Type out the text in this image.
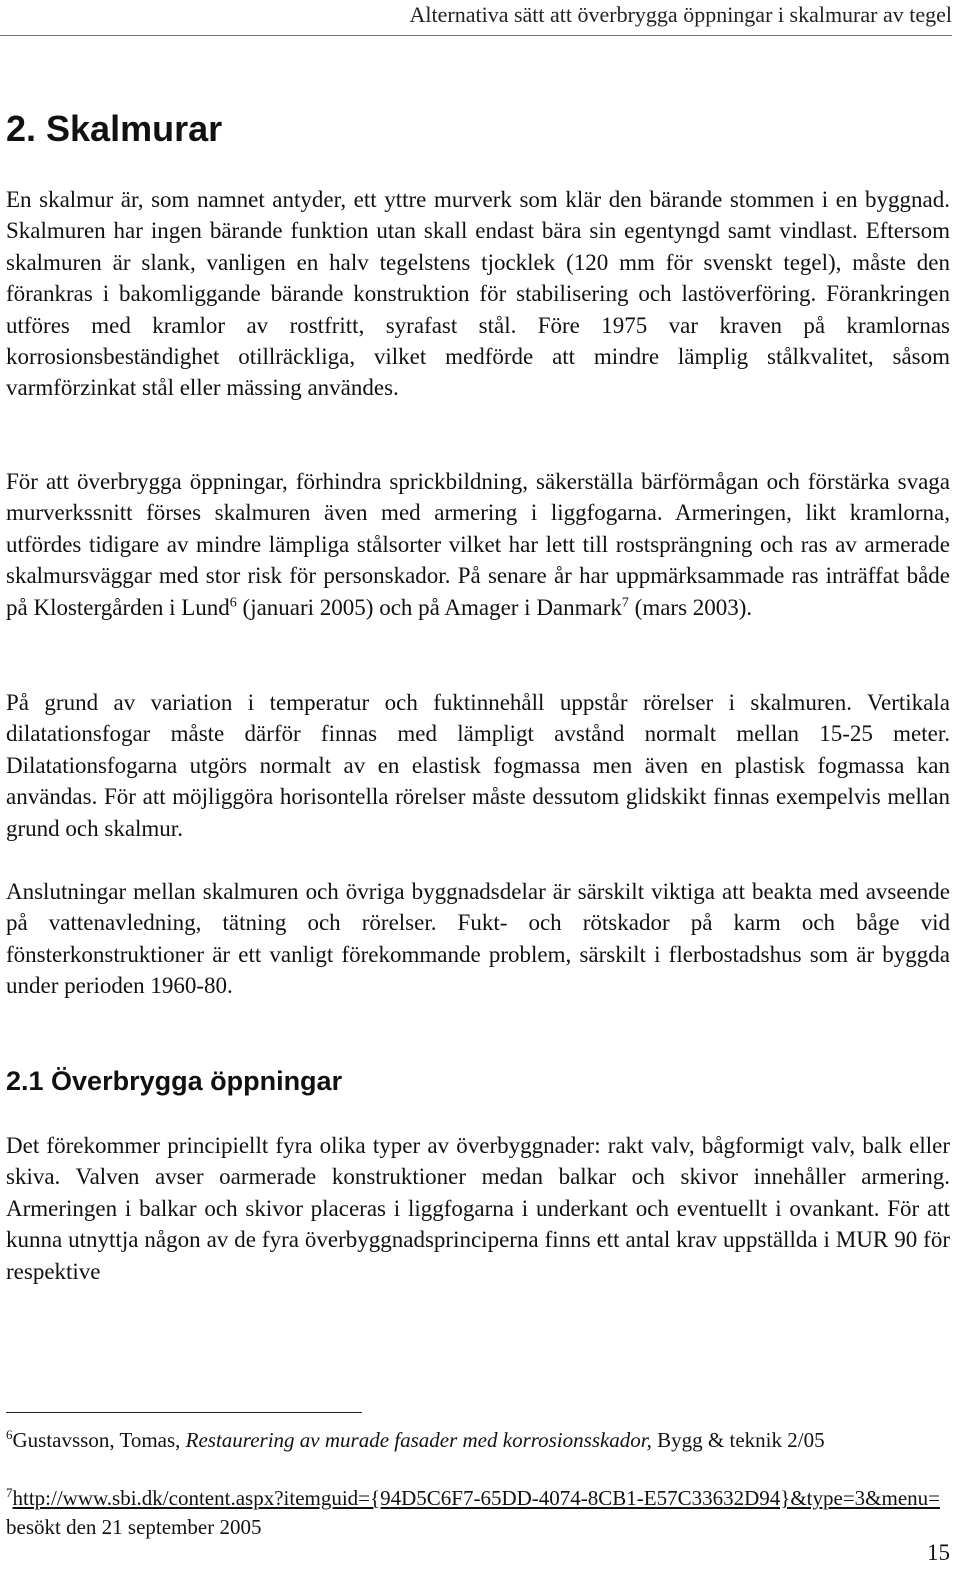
Alternativa sätt att överbrygga öppningar i skalmurar av tegel
2. Skalmurar

En skalmur är, som namnet antyder, ett yttre murverk som klär den bärande stommen i en byggnad. Skalmuren har ingen bärande funktion utan skall endast bära sin egentyngd samt vindlast. Eftersom skalmuren är slank, vanligen en halv tegelstens tjocklek (120 mm för svenskt tegel), måste den förankras i bakomliggande bärande konstruktion för stabilisering och lastöverföring. Förankringen utföres med kramlor av rostfritt, syrafast stål. Före 1975 var kraven på kramlornas korrosionsbeständighet otillräckliga, vilket medförde att mindre lämplig stålkvalitet, såsom varmförzinkat stål eller mässing användes.

För att överbrygga öppningar, förhindra sprickbildning, säkerställa bärförmågan och förstärka svaga murverkssnitt förses skalmuren även med armering i liggfogarna. Armeringen, likt kramlorna, utfördes tidigare av mindre lämpliga stålsorter vilket har lett till rostsprängning och ras av armerade skalmursväggar med stor risk för personskador. På senare år har uppmärksammade ras inträffat både på Klostergården i Lund$^6$ (januari 2005) och på Amager i Danmark$^7$ (mars 2003).

På grund av variation i temperatur och fuktinnehåll uppstår rörelser i skalmuren. Vertikala dilatationsfogar måste därför finnas med lämpligt avstånd normalt mellan 15-25 meter. Dilatationsfogarna utgörs normalt av en elastisk fogmassa men även en plastisk fogmassa kan användas. För att möjliggöra horisontella rörelser måste dessutom glidskikt finnas exempelvis mellan grund och skalmur.

Anslutningar mellan skalmuren och övriga byggnadsdelar är särskilt viktiga att beakta med avseende på vattenavledning, tätning och rörelser. Fukt- och rötskador på karm och båge vid fönsterkonstruktioner är ett vanligt förekommande problem, särskilt i flerbostadshus som är byggda under perioden 1960-80.

2.1 Överbrygga öppningar

Det förekommer principiellt fyra olika typer av överbyggnader: rakt valv, bågformigt valv, balk eller skiva. Valven avser oarmerade konstruktioner medan balkar och skivor innehåller armering. Armeringen i balkar och skivor placeras i liggfogarna i underkant och eventuellt i ovankant. För att kunna utnyttja någon av de fyra överbyggnadsprinciperna finns ett antal krav uppställda i MUR 90 för respektive

$^6$Gustavsson, Tomas, Restaurering av murade fasader med korrosionsskador, Bygg & teknik 2/05

$^7$http://www.sbi.dk/content.aspx?itemguid={94D5C6F7-65DD-4074-8CB1-E57C33632D94}&type=3&menu= besökt den 21 september 2005

15
